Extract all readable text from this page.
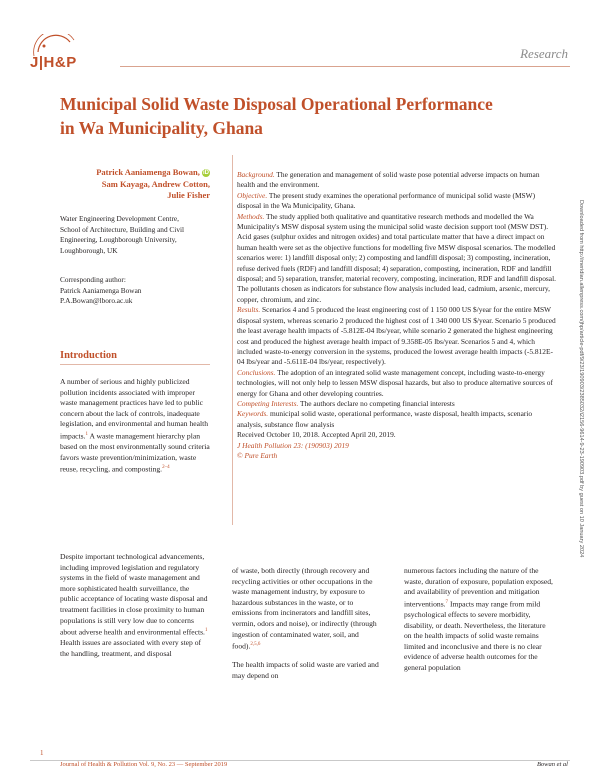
J|H&P
Research
Municipal Solid Waste Disposal Operational Performance in Wa Municipality, Ghana
Patrick Aaniamenga Bowan, iD
Sam Kayaga, Andrew Cotton,
Julie Fisher
Water Engineering Development Centre,
School of Architecture, Building and Civil
Engineering, Loughborough University,
Loughborough, UK
Corresponding author:
Patrick Aaniamenga Bowan
P.A.Bowan@lboro.ac.uk

Background. The generation and management of solid waste pose potential adverse impacts on human health and the environment.

Objective. The present study examines the operational performance of municipal solid waste (MSW) disposal in the Wa Municipality, Ghana.

Methods. The study applied both qualitative and quantitative research methods and modelled the Wa Municipality's MSW disposal system using the municipal solid waste decision support tool (MSW DST). Acid gases (sulphur oxides and nitrogen oxides) and total particulate matter that have a direct impact on human health were set as the objective functions for modelling five MSW disposal scenarios. The modelled scenarios were: 1) landfill disposal only; 2) composting and landfill disposal; 3) composting, incineration, refuse derived fuels (RDF) and landfill disposal; 4) separation, composting, incineration, RDF and landfill disposal; and 5) separation, transfer, material recovery, composting, incineration, RDF and landfill disposal. The pollutants chosen as indicators for substance flow analysis included lead, cadmium, arsenic, mercury, copper, chromium, and zinc.

Results. Scenarios 4 and 5 produced the least engineering cost of 1 150 000 US $/year for the entire MSW disposal system, whereas scenario 2 produced the highest cost of 1 340 000 US $/year. Scenario 5 produced the least average health impacts of -5.812E-04 lbs/year, while scenario 2 generated the highest engineering cost and produced the highest average health impact of 9.358E-05 lbs/year. Scenarios 5 and 4, which included waste-to-energy conversion in the systems, produced the lowest average health impacts (-5.812E-04 lbs/year and -5.611E-04 lbs/year, respectively).

Conclusions. The adoption of an integrated solid waste management concept, including waste-to-energy technologies, will not only help to lessen MSW disposal hazards, but also to produce alternative sources of energy for Ghana and other developing countries.

Competing Interests. The authors declare no competing financial interests

Keywords. municipal solid waste, operational performance, waste disposal, health impacts, scenario analysis, substance flow analysis

Received October 10, 2018. Accepted April 20, 2019.

J Health Pollution 23: (190903) 2019

© Pure Earth	Downloaded from http://meridian.allenpress.com/jhp/article-pdf/9/23/190903/2385032/i2156-9614-9-23-190903.pdf by guest on 10 January 2024
Introduction

A number of serious and highly publicized pollution incidents associated with improper waste management practices have led to public concern about the lack of controls, inadequate legislation, and environmental and human health impacts.$^1$ A waste management hierarchy plan based on the most environmentally sound criteria favors waste prevention/minimization, waste reuse, recycling, and composting.$^{2-4}$

Despite important technological advancements, including improved legislation and regulatory systems in the field of waste management and more sophisticated health surveillance, the public acceptance of locating waste disposal and treatment facilities in close proximity to human populations is still very low due to concerns about adverse health and environmental effects.$^1$ Health issues are associated with every step of the handling, treatment, and disposal

of waste, both directly (through recovery and recycling activities or other occupations in the waste management industry, by exposure to hazardous substances in the waste, or to emissions from incinerators and landfill sites, vermin, odors and noise), or indirectly (through ingestion of contaminated water, soil, and food).$^{2,5,6}$

The health impacts of solid waste are varied and may depend on

numerous factors including the nature of the waste, duration of exposure, population exposed, and availability of prevention and mitigation interventions.$^7$ Impacts may range from mild psychological effects to severe morbidity, disability, or death. Nevertheless, the literature on the health impacts of solid waste remains limited and inconclusive and there is no clear evidence of adverse health outcomes for the general population

1
Journal of Health & Pollution Vol. 9, No. 23 — September 2019	Bowan et al
